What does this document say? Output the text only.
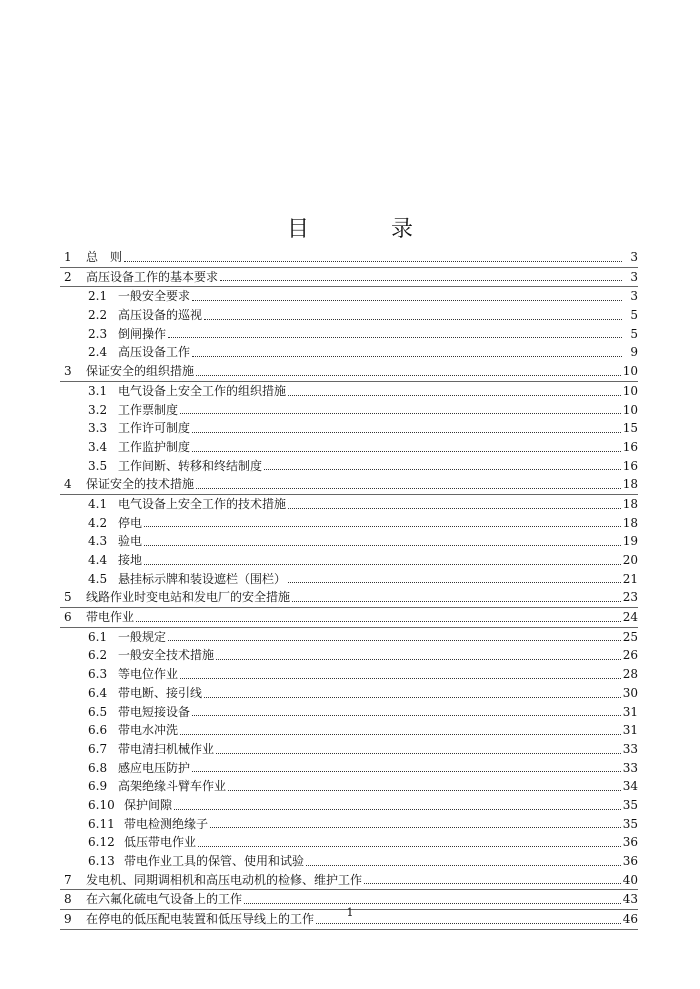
目　录
1	总　则	3
2	高压设备工作的基本要求	3
2.1 一般安全要求	3
2.2 高压设备的巡视	5
2.3 倒闸操作	5
2.4 高压设备工作	9
3	保证安全的组织措施	10
3.1 电气设备上安全工作的组织措施	10
3.2 工作票制度	10
3.3 工作许可制度	15
3.4 工作监护制度	16
3.5 工作间断、转移和终结制度	16
4	保证安全的技术措施	18
4.1 电气设备上安全工作的技术措施	18
4.2 停电	18
4.3 验电	19
4.4 接地	20
4.5 悬挂标示牌和装设遮栏（围栏）	21
5	线路作业时变电站和发电厂的安全措施	23
6	带电作业	24
6.1 一般规定	25
6.2 一般安全技术措施	26
6.3 等电位作业	28
6.4 带电断、接引线	30
6.5 带电短接设备	31
6.6 带电水冲洗	31
6.7 带电清扫机械作业	33
6.8 感应电压防护	33
6.9 高架绝缘斗臂车作业	34
6.10 保护间隙	35
6.11 带电检测绝缘子	35
6.12 低压带电作业	36
6.13 带电作业工具的保管、使用和试验	36
7	发电机、同期调相机和高压电动机的检修、维护工作	40
8	在六氟化硫电气设备上的工作	43
9	在停电的低压配电装置和低压导线上的工作	46
1
